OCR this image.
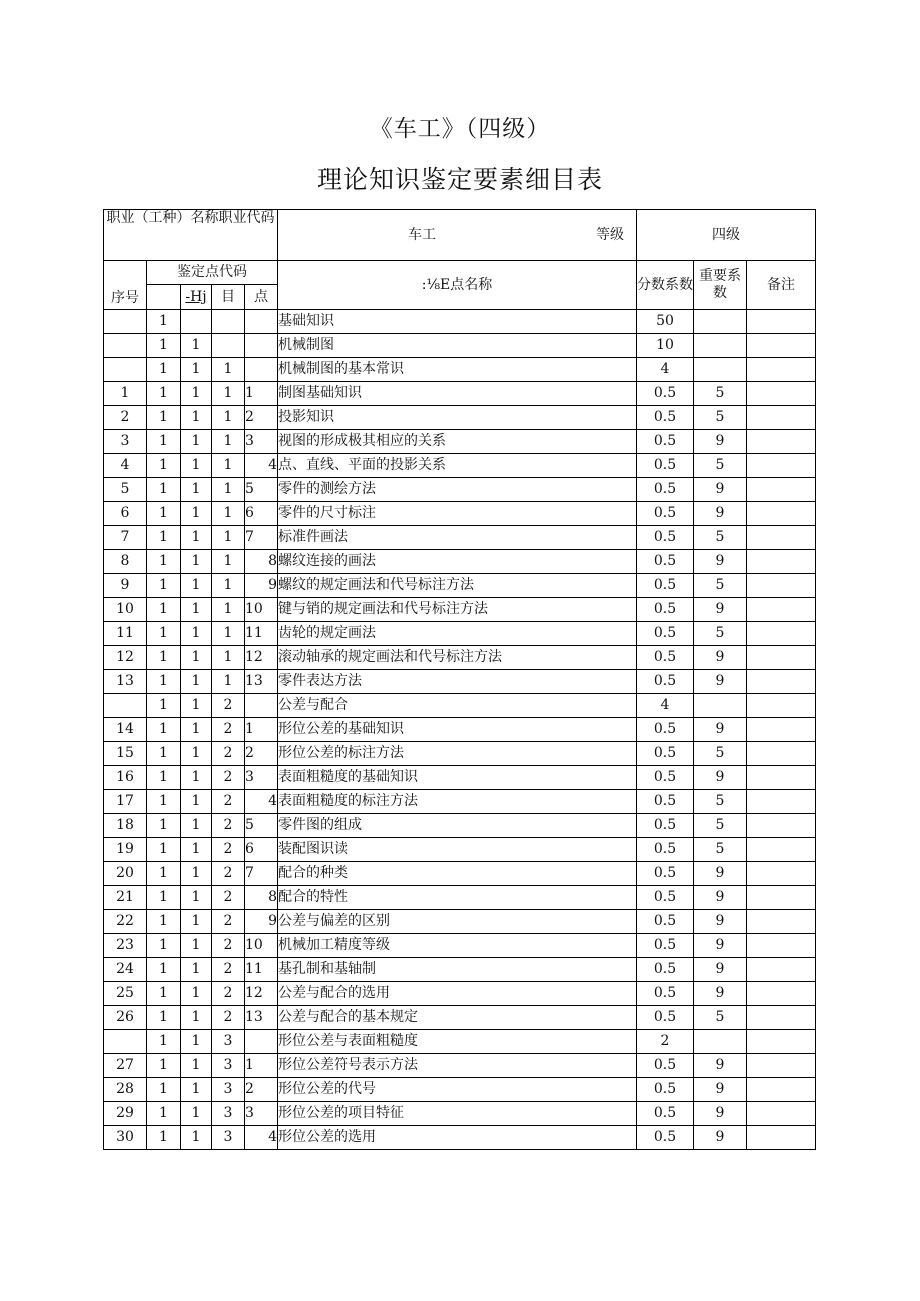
《车工》（四级）
理论知识鉴定要素细目表
职业（工种）名称职业代码					车工 等级	四级		
序号	鉴定点代码				:⅛E点名称	分数系数	重要系数	备注
		-Hj	目	点				
	1				基础知识	50		
	1	1			机械制图	10		
	1	1	1		机械制图的基本常识	4		
1	1	1	1	1	制图基础知识	0.5	5	
2	1	1	1	2	投影知识	0.5	5	
3	1	1	1	3	视图的形成极其相应的关系	0.5	9	
4	1	1	1	4	点、直线、平面的投影关系	0.5	5	
5	1	1	1	5	零件的测绘方法	0.5	9	
6	1	1	1	6	零件的尺寸标注	0.5	9	
7	1	1	1	7	标准件画法	0.5	5	
8	1	1	1	8	螺纹连接的画法	0.5	9	
9	1	1	1	9	螺纹的规定画法和代号标注方法	0.5	5	
10	1	1	1	10	键与销的规定画法和代号标注方法	0.5	9	
11	1	1	1	11	齿轮的规定画法	0.5	5	
12	1	1	1	12	滚动轴承的规定画法和代号标注方法	0.5	9	
13	1	1	1	13	零件表达方法	0.5	9	
	1	1	2		公差与配合	4		
14	1	1	2	1	形位公差的基础知识	0.5	9	
15	1	1	2	2	形位公差的标注方法	0.5	5	
16	1	1	2	3	表面粗糙度的基础知识	0.5	9	
17	1	1	2	4	表面粗糙度的标注方法	0.5	5	
18	1	1	2	5	零件图的组成	0.5	5	
19	1	1	2	6	装配图识读	0.5	5	
20	1	1	2	7	配合的种类	0.5	9	
21	1	1	2	8	配合的特性	0.5	9	
22	1	1	2	9	公差与偏差的区别	0.5	9	
23	1	1	2	10	机械加工精度等级	0.5	9	
24	1	1	2	11	基孔制和基轴制	0.5	9	
25	1	1	2	12	公差与配合的选用	0.5	9	
26	1	1	2	13	公差与配合的基本规定	0.5	5	
	1	1	3		形位公差与表面粗糙度	2		
27	1	1	3	1	形位公差符号表示方法	0.5	9	
28	1	1	3	2	形位公差的代号	0.5	9	
29	1	1	3	3	形位公差的项目特征	0.5	9	
30	1	1	3	4	形位公差的选用	0.5	9	
